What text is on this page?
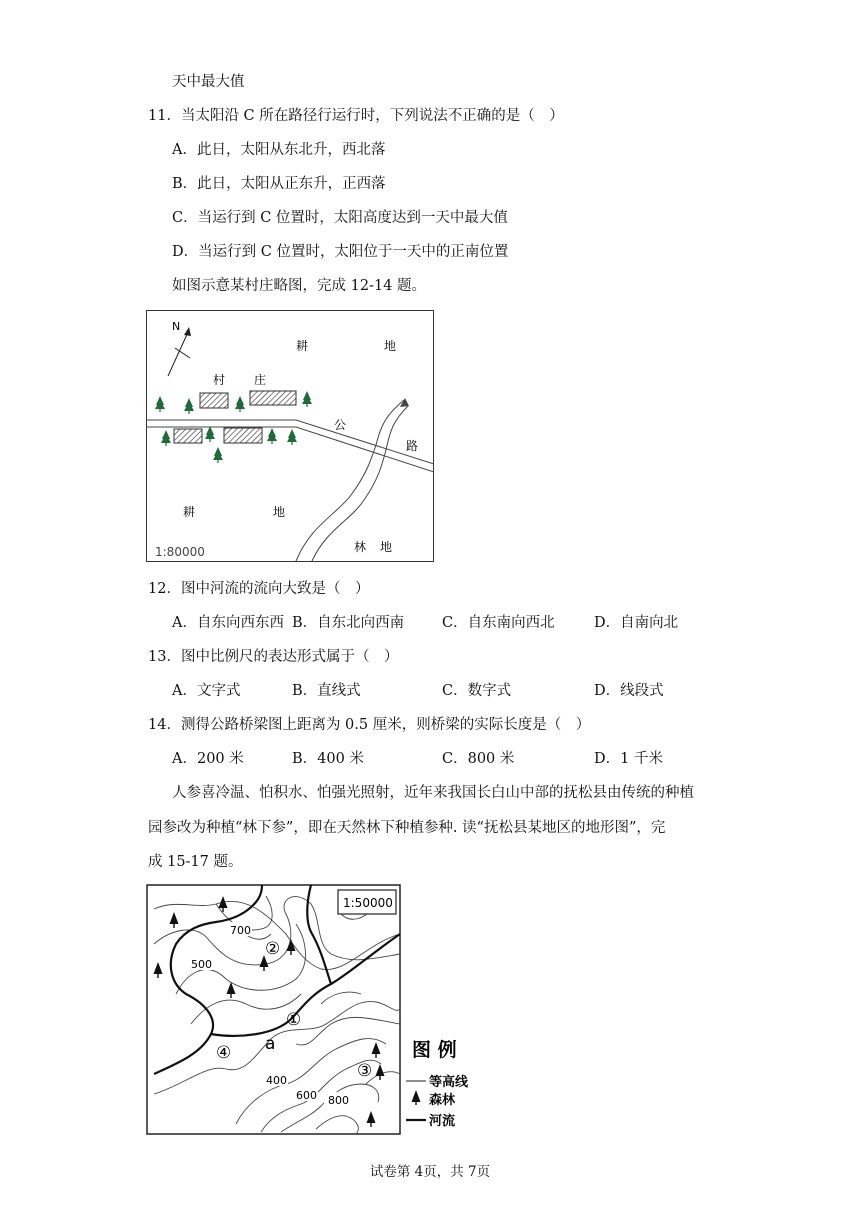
天中最大值
11．当太阳沿 C 所在路径行运行时，下列说法不正确的是（　）
A．此日，太阳从东北升，西北落
B．此日，太阳从正东升，正西落
C．当运行到 C 位置时，太阳高度达到一天中最大值
D．当运行到 C 位置时，太阳位于一天中的正南位置
如图示意某村庄略图，完成 12-14 题。
N
耕	地
村 庄
公
路
耕	地
林 地
1:80000
12．图中河流的流向大致是（　）
A．自东向西东西 B．自东北向西南	C．自东南向西北	D．自南向北
13．图中比例尺的表达形式属于（　）
A．文字式	B．直线式	C．数字式	D．线段式
14．测得公路桥梁图上距离为 0.5 厘米，则桥梁的实际长度是（　）
A．200 米	B．400 米	C．800 米	D．1 千米
人参喜冷温、怕积水、怕强光照射，近年来我国长白山中部的抚松县由传统的种植
园参改为种植“林下参”，即在天然林下种植参种. 读“抚松县某地区的地形图”，完
成 15-17 题。
1:50000
700
500
400
600 800
①
②
③
④ a	图 例
等高线
森林
河流
试卷第 4页，共 7页
